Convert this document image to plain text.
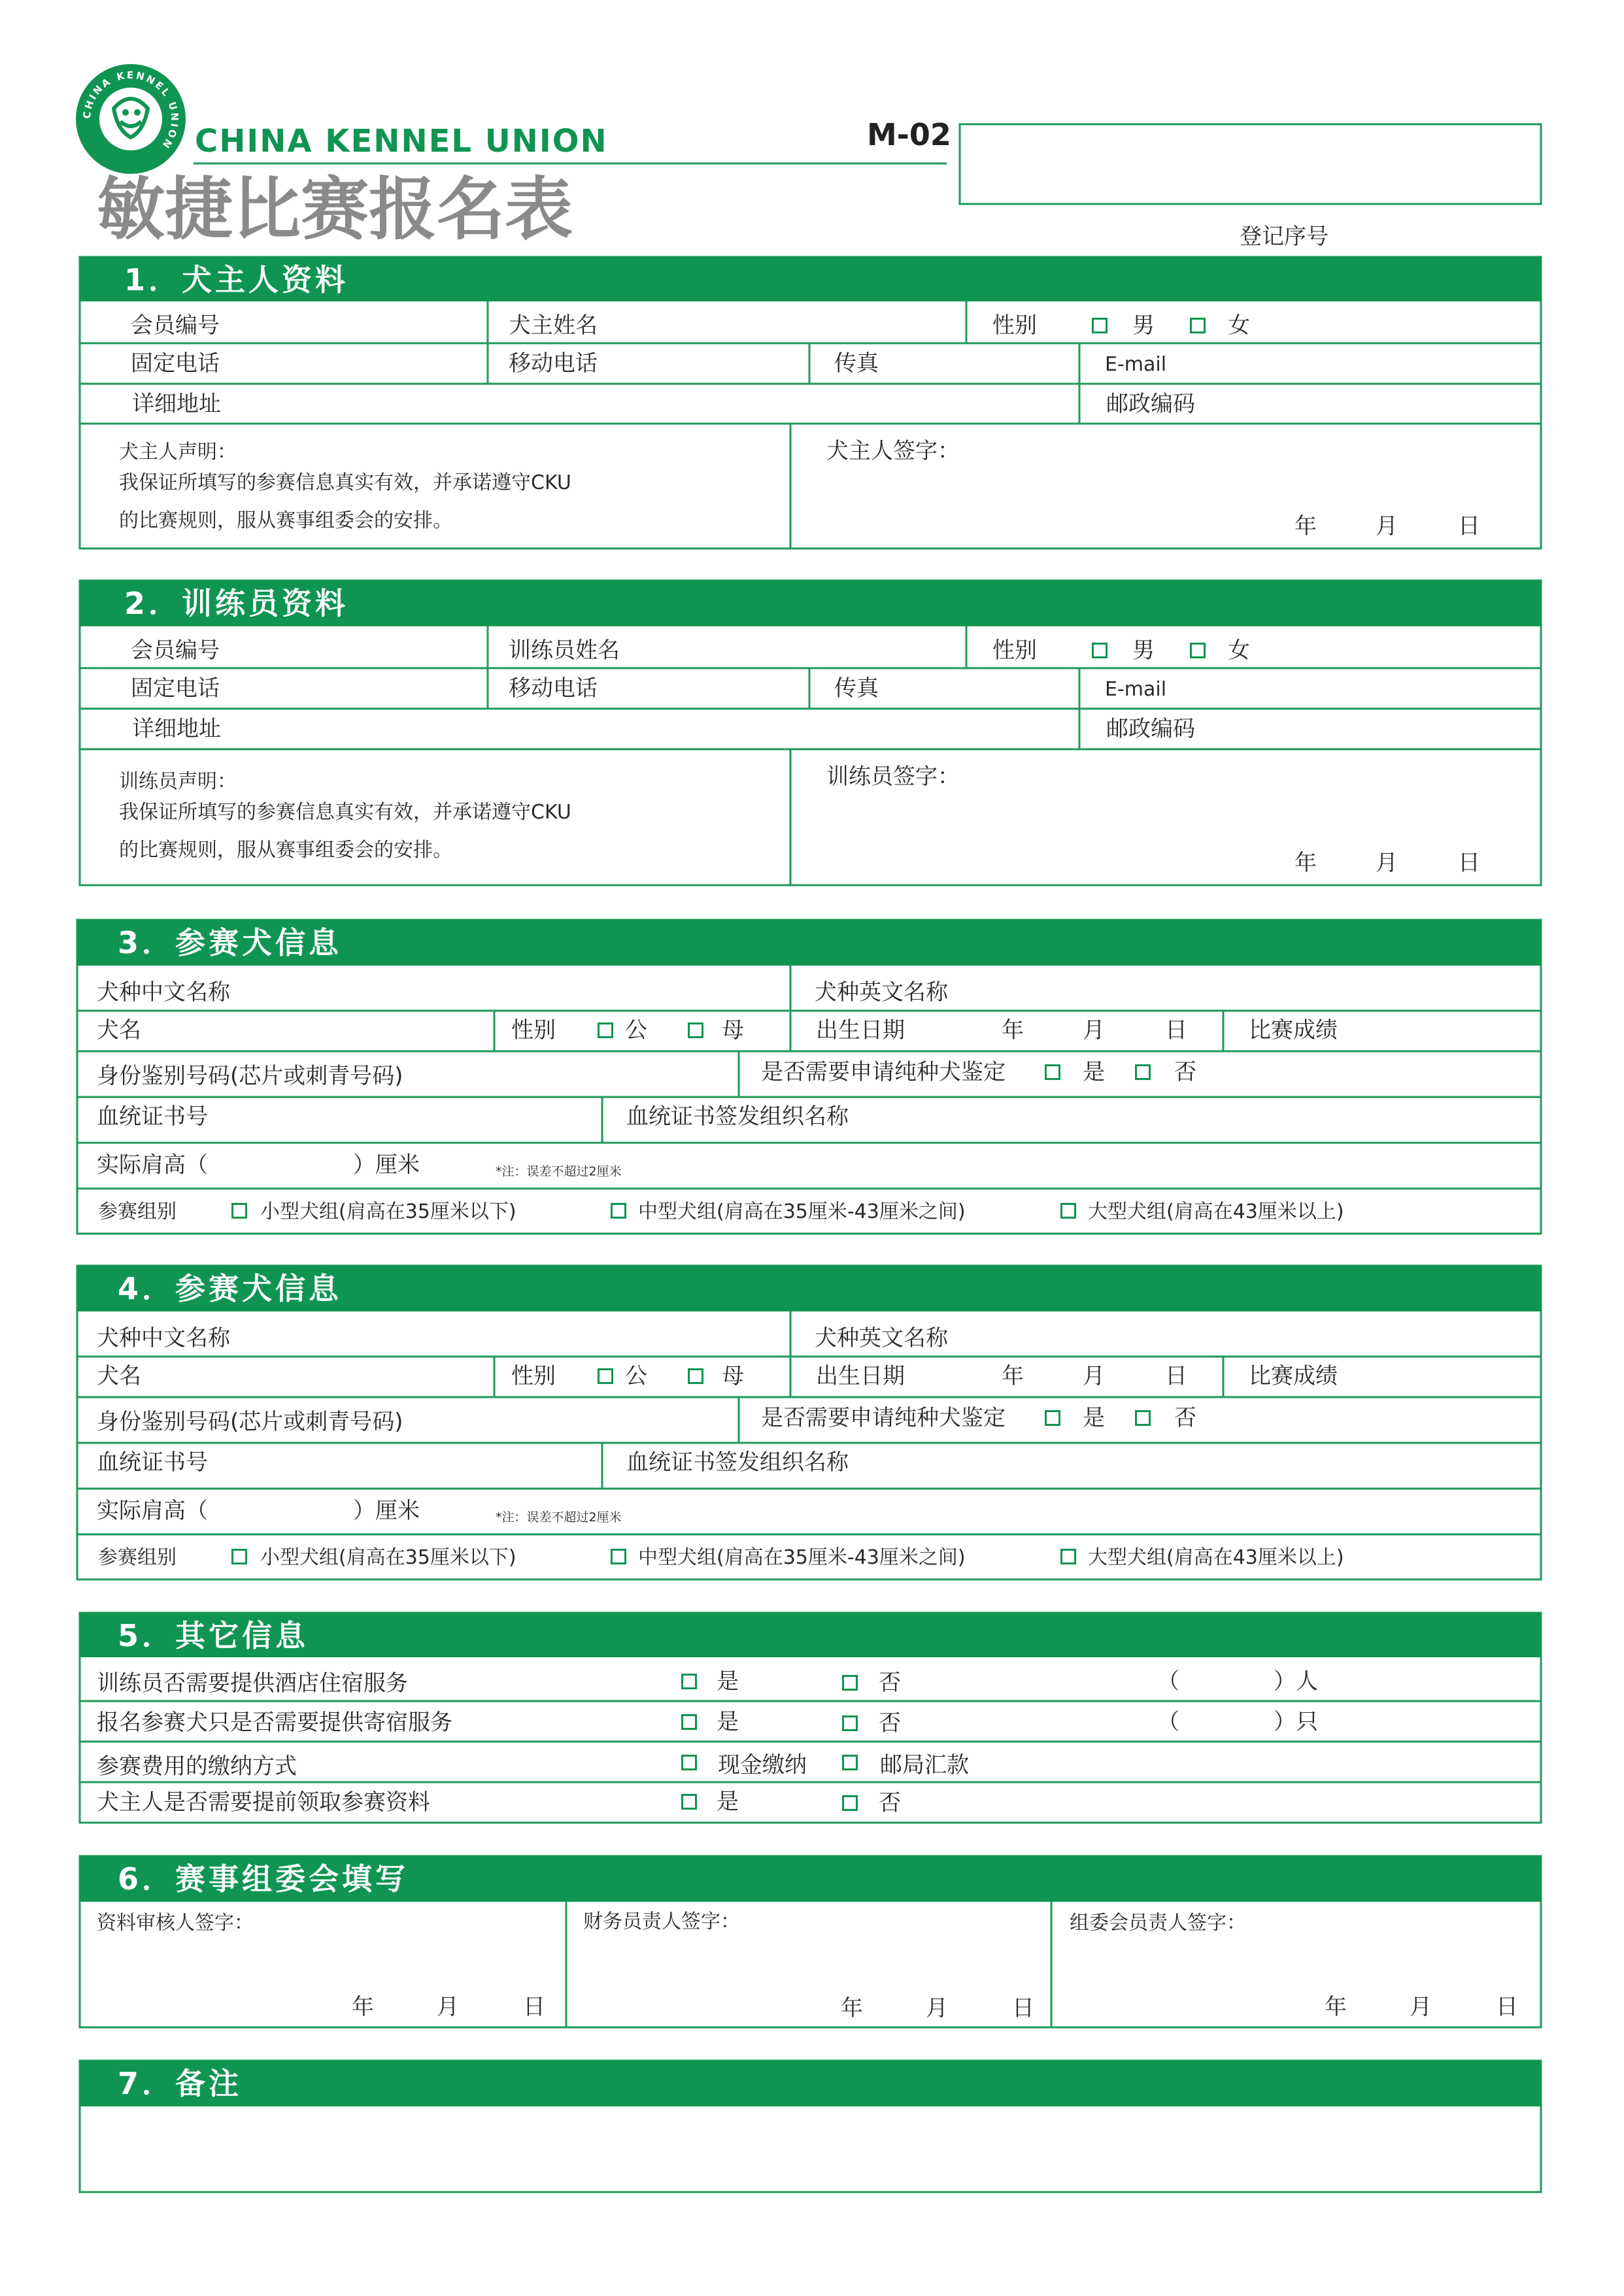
CHINA KENNEL UNION CHINA KENNEL UNION	M-02
敏捷比赛报名表	登记序号
1．犬主人资料
会员编号	犬主姓名	性别	男	女
固定电话	移动电话	传真	E-mail
详细地址	邮政编码
犬主人声明：
我保证所填写的参赛信息真实有效，并承诺遵守CKU
的比赛规则，服从赛事组委会的安排。
犬主人签字：
年	月	日
2．训练员资料
会员编号	训练员姓名	性别	男	女
固定电话	移动电话	传真	E-mail
详细地址	邮政编码
训练员声明：
我保证所填写的参赛信息真实有效，并承诺遵守CKU
的比赛规则，服从赛事组委会的安排。
训练员签字：
年	月	日
3．参赛犬信息
犬种中文名称	犬种英文名称
犬名	性别	公	母	出生日期	年	月	日	比赛成绩
身份鉴别号码(芯片或刺青号码)	是否需要申请纯种犬鉴定	是	否
血统证书号	血统证书签发组织名称
实际肩高（	）厘米	*注：误差不超过2厘米
参赛组别	小型犬组(肩高在35厘米以下)	中型犬组(肩高在35厘米-43厘米之间)	大型犬组(肩高在43厘米以上)
4．参赛犬信息
犬种中文名称	犬种英文名称
犬名	性别	公	母	出生日期	年	月	日	比赛成绩
身份鉴别号码(芯片或刺青号码)	是否需要申请纯种犬鉴定	是	否
血统证书号	血统证书签发组织名称
实际肩高（	）厘米	*注：误差不超过2厘米
参赛组别	小型犬组(肩高在35厘米以下)	中型犬组(肩高在35厘米-43厘米之间)	大型犬组(肩高在43厘米以上)
5．其它信息
训练员否需要提供酒店住宿服务	是	否	（	）人
报名参赛犬只是否需要提供寄宿服务	是	否	（	）只
参赛费用的缴纳方式	现金缴纳	邮局汇款
犬主人是否需要提前领取参赛资料	是	否
6．赛事组委会填写
资料审核人签字：
年	月	日
财务员责人签字：
年	月	日
组委会员责人签字：
年	月	日
7．备注
